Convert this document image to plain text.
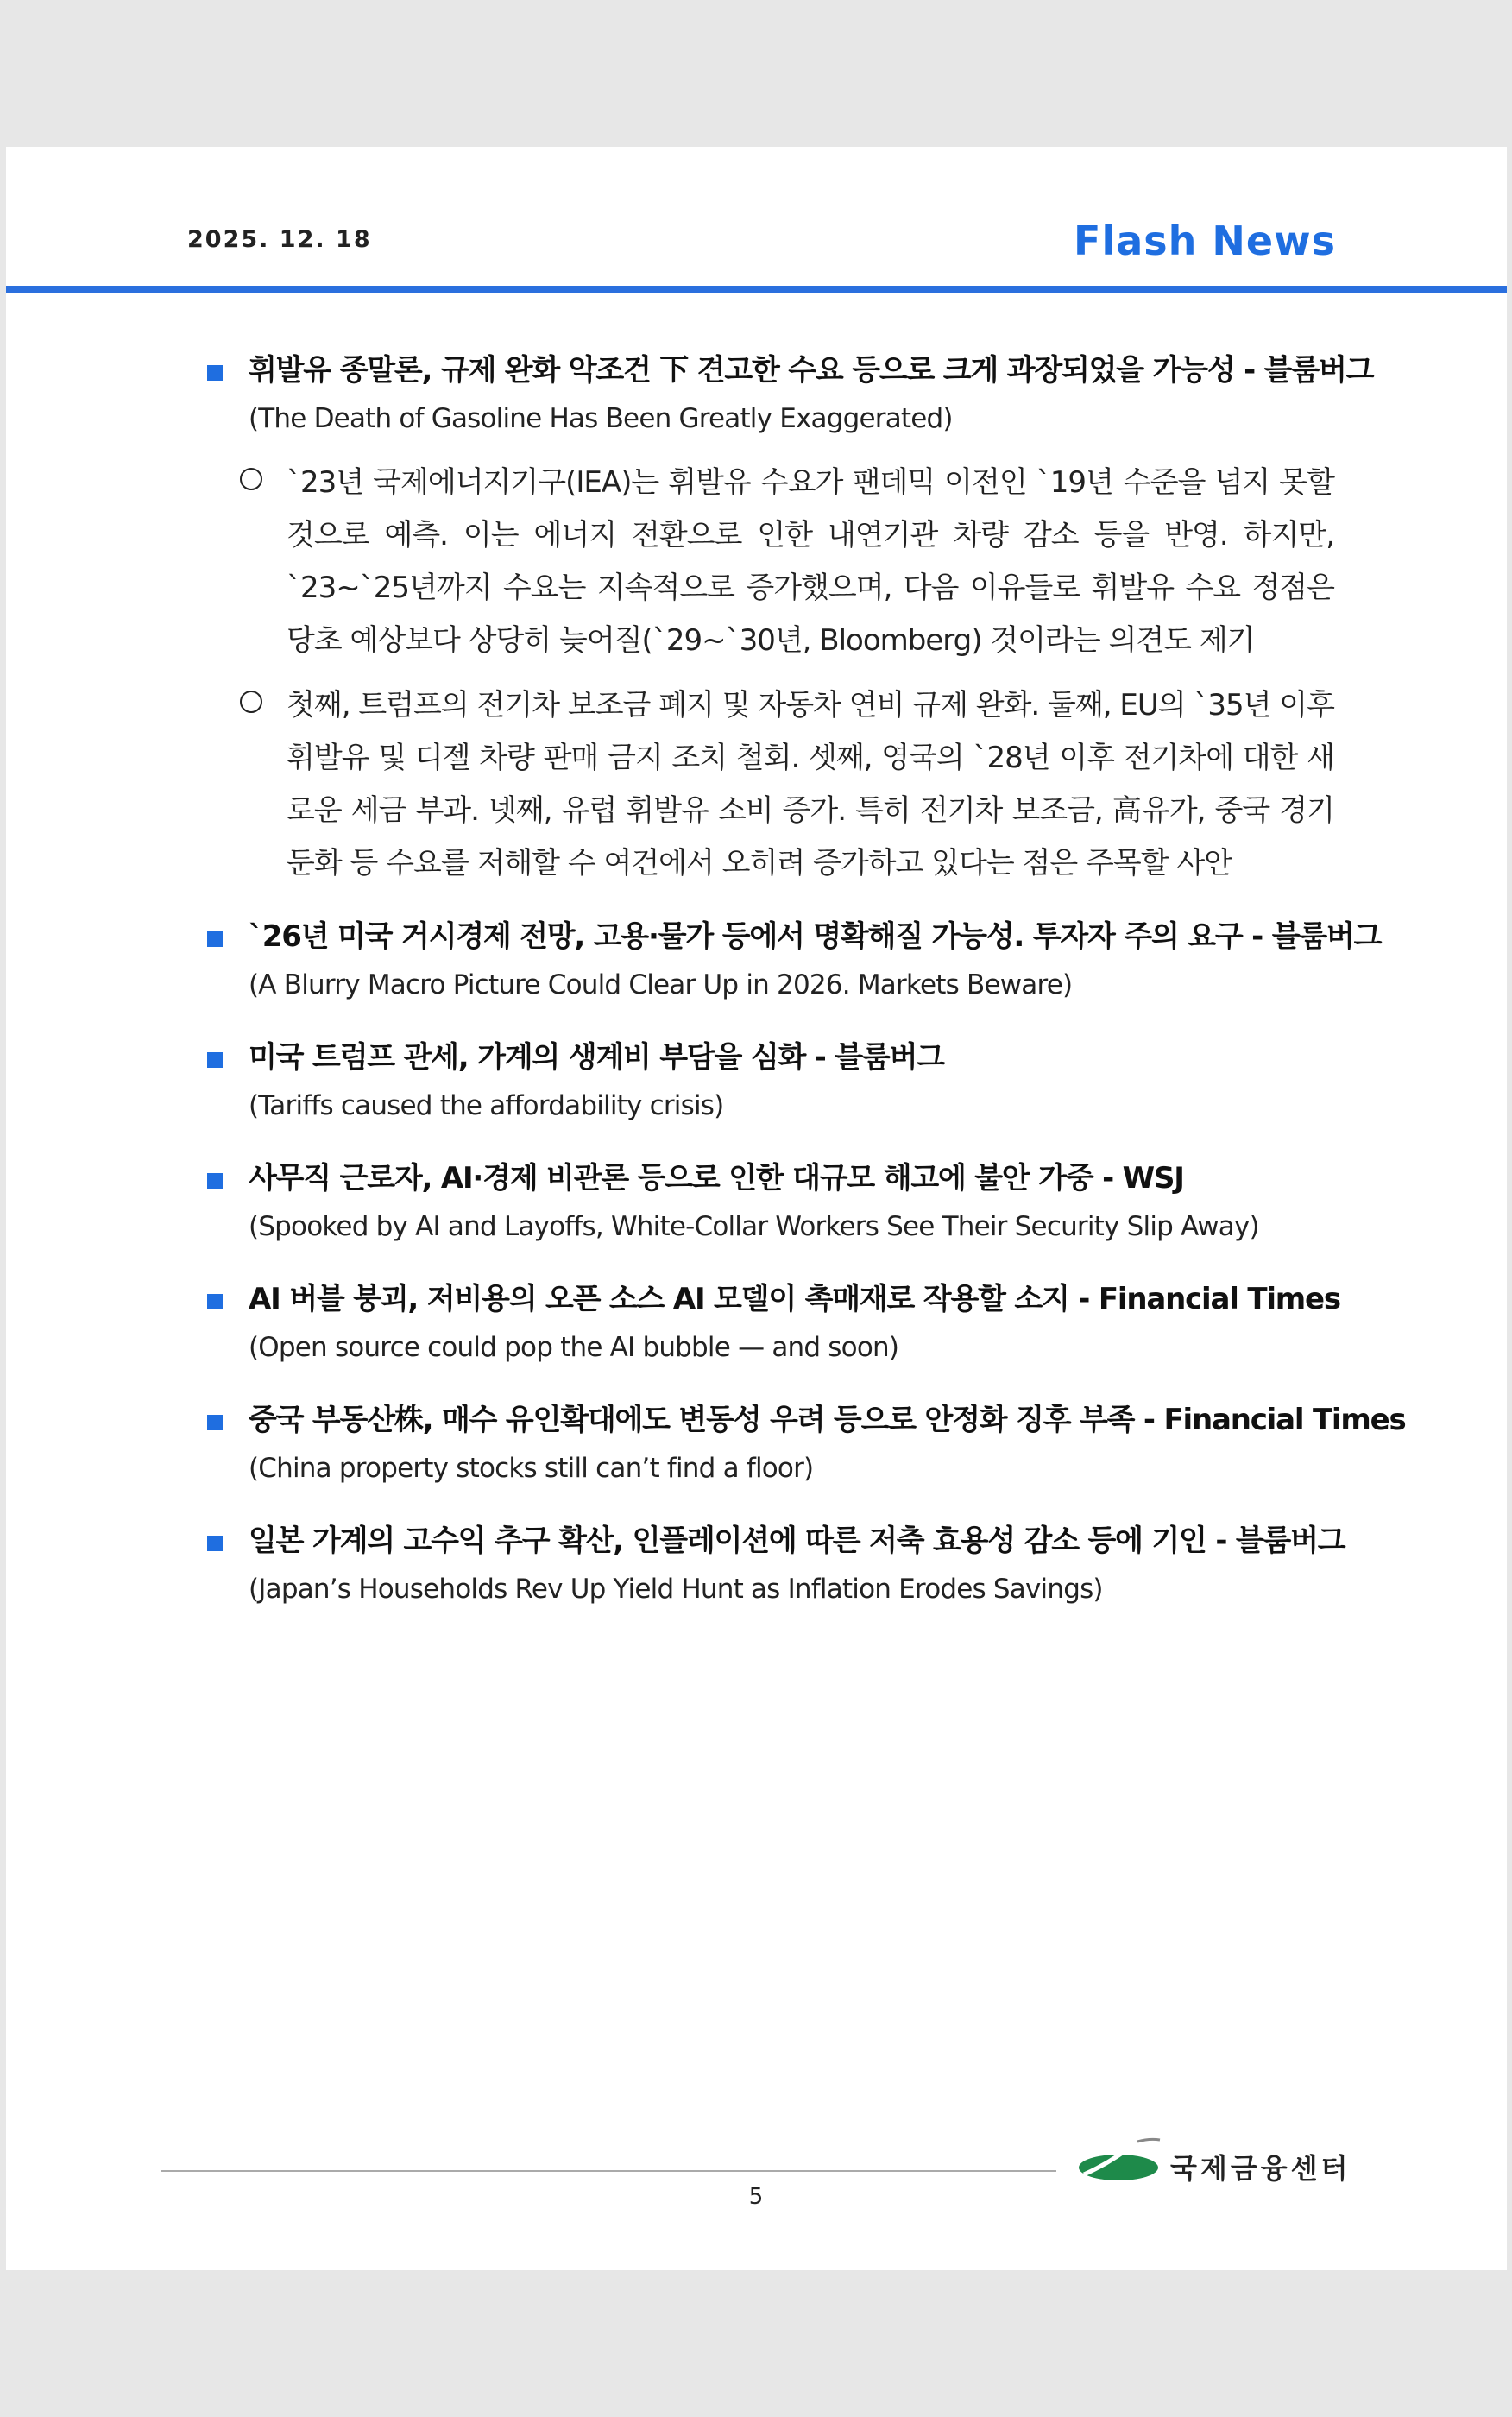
2025. 12. 18	Flash News
휘발유 종말론, 규제 완화 악조건 下 견고한 수요 등으로 크게 과장되었을 가능성 - 블룸버그
(The Death of Gasoline Has Been Greatly Exaggerated)
`23년 국제에너지기구(IEA)는 휘발유 수요가 팬데믹 이전인 `19년 수준을 넘지 못할 것으로 예측. 이는 에너지 전환으로 인한 내연기관 차량 감소 등을 반영. 하지만, `23~`25년까지 수요는 지속적으로 증가했으며, 다음 이유들로 휘발유 수요 정점은 당초 예상보다 상당히 늦어질(`29~`30년, Bloomberg) 것이라는 의견도 제기
첫째, 트럼프의 전기차 보조금 폐지 및 자동차 연비 규제 완화. 둘째, EU의 `35년 이후 휘발유 및 디젤 차량 판매 금지 조치 철회. 셋째, 영국의 `28년 이후 전기차에 대한 새로운 세금 부과. 넷째, 유럽 휘발유 소비 증가. 특히 전기차 보조금, 高유가, 중국 경기 둔화 등 수요를 저해할 수 여건에서 오히려 증가하고 있다는 점은 주목할 사안
`26년 미국 거시경제 전망, 고용·물가 등에서 명확해질 가능성. 투자자 주의 요구 - 블룸버그
(A Blurry Macro Picture Could Clear Up in 2026. Markets Beware)
미국 트럼프 관세, 가계의 생계비 부담을 심화 - 블룸버그
(Tariffs caused the affordability crisis)
사무직 근로자, AI·경제 비관론 등으로 인한 대규모 해고에 불안 가중 - WSJ
(Spooked by AI and Layoffs, White-Collar Workers See Their Security Slip Away)
AI 버블 붕괴, 저비용의 오픈 소스 AI 모델이 촉매재로 작용할 소지 - Financial Times
(Open source could pop the AI bubble — and soon)
중국 부동산株, 매수 유인확대에도 변동성 우려 등으로 안정화 징후 부족 - Financial Times
(China property stocks still can’t find a floor)
일본 가계의 고수익 추구 확산, 인플레이션에 따른 저축 효용성 감소 등에 기인 - 블룸버그
(Japan’s Households Rev Up Yield Hunt as Inflation Erodes Savings)
5
국제금융센터
